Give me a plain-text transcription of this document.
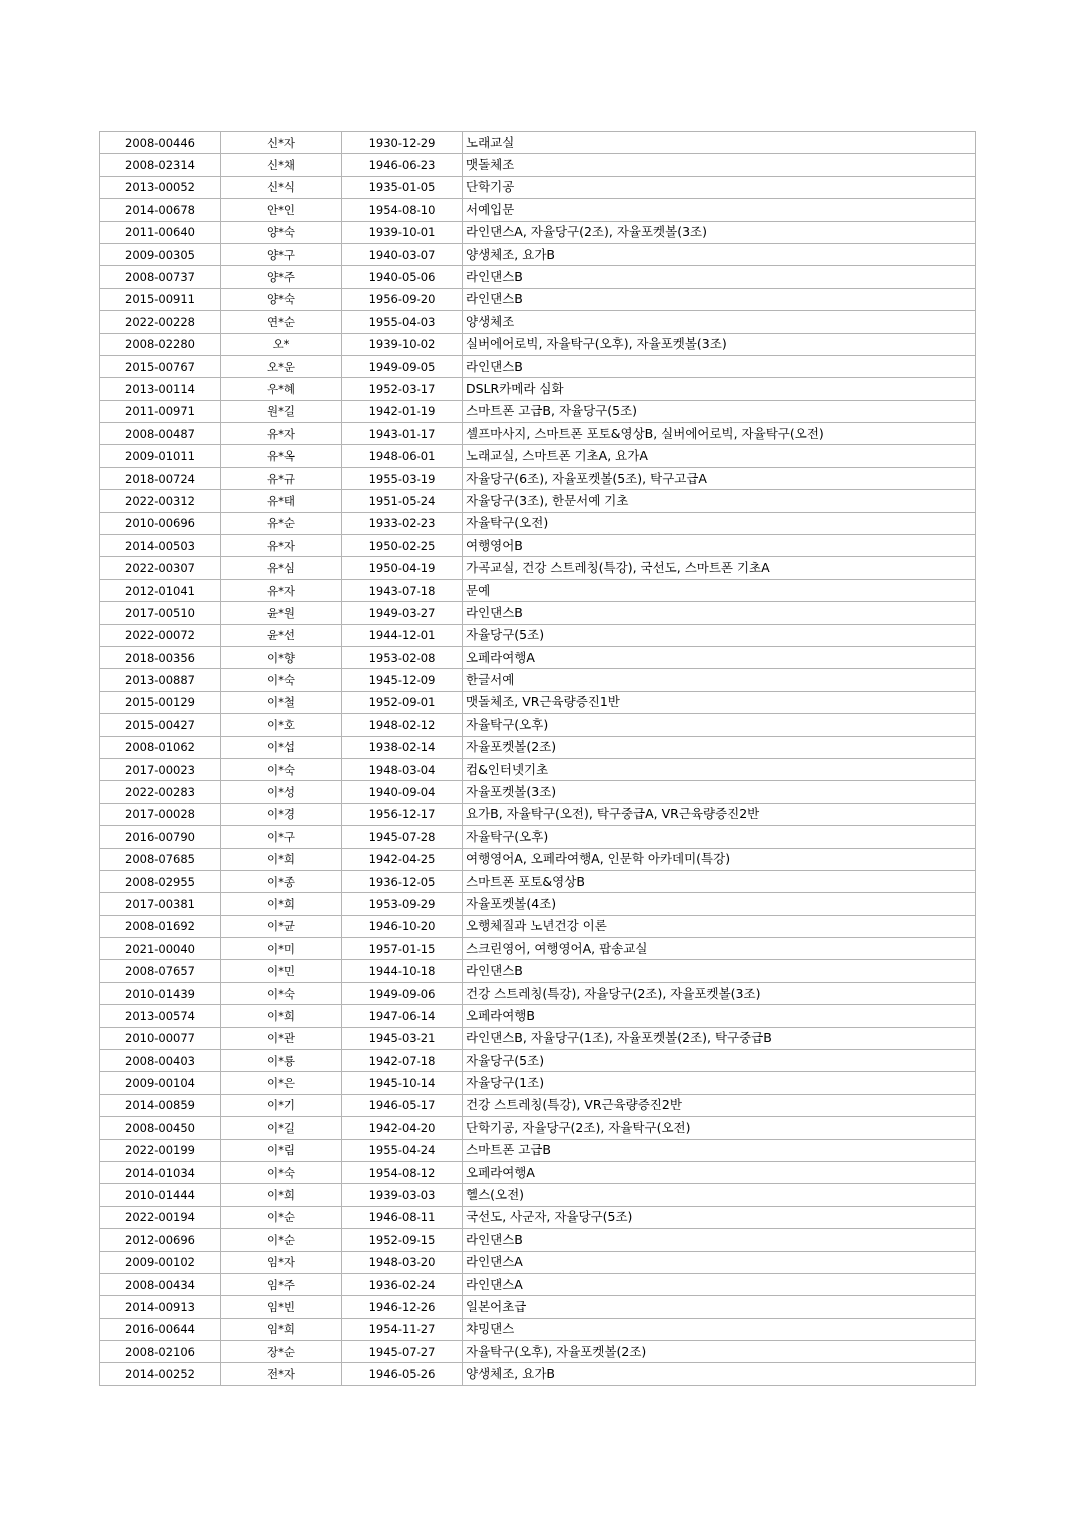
2008-00446	신*자	1930-12-29	노래교실
2008-02314	신*채	1946-06-23	맷돌체조
2013-00052	신*식	1935-01-05	단학기공
2014-00678	안*인	1954-08-10	서예입문
2011-00640	양*숙	1939-10-01	라인댄스A, 자율당구(2조), 자율포켓볼(3조)
2009-00305	양*구	1940-03-07	양생체조, 요가B
2008-00737	양*주	1940-05-06	라인댄스B
2015-00911	양*숙	1956-09-20	라인댄스B
2022-00228	연*순	1955-04-03	양생체조
2008-02280	오*	1939-10-02	실버에어로빅, 자율탁구(오후), 자율포켓볼(3조)
2015-00767	오*운	1949-09-05	라인댄스B
2013-00114	우*혜	1952-03-17	DSLR카메라 심화
2011-00971	원*길	1942-01-19	스마트폰 고급B, 자율당구(5조)
2008-00487	유*자	1943-01-17	셀프마사지, 스마트폰 포토&영상B, 실버에어로빅, 자율탁구(오전)
2009-01011	유*옥	1948-06-01	노래교실, 스마트폰 기초A, 요가A
2018-00724	유*규	1955-03-19	자율당구(6조), 자율포켓볼(5조), 탁구고급A
2022-00312	유*태	1951-05-24	자율당구(3조), 한문서예 기초
2010-00696	유*순	1933-02-23	자율탁구(오전)
2014-00503	유*자	1950-02-25	여행영어B
2022-00307	유*심	1950-04-19	가곡교실, 건강 스트레칭(특강), 국선도, 스마트폰 기초A
2012-01041	유*자	1943-07-18	문예
2017-00510	윤*원	1949-03-27	라인댄스B
2022-00072	윤*선	1944-12-01	자율당구(5조)
2018-00356	이*향	1953-02-08	오페라여행A
2013-00887	이*숙	1945-12-09	한글서예
2015-00129	이*철	1952-09-01	맷돌체조, VR근육량증진1반
2015-00427	이*호	1948-02-12	자율탁구(오후)
2008-01062	이*섭	1938-02-14	자율포켓볼(2조)
2017-00023	이*숙	1948-03-04	컴&인터넷기초
2022-00283	이*성	1940-09-04	자율포켓볼(3조)
2017-00028	이*경	1956-12-17	요가B, 자율탁구(오전), 탁구중급A, VR근육량증진2반
2016-00790	이*구	1945-07-28	자율탁구(오후)
2008-07685	이*희	1942-04-25	여행영어A, 오페라여행A, 인문학 아카데미(특강)
2008-02955	이*종	1936-12-05	스마트폰 포토&영상B
2017-00381	이*희	1953-09-29	자율포켓볼(4조)
2008-01692	이*균	1946-10-20	오행체질과 노년건강 이론
2021-00040	이*미	1957-01-15	스크린영어, 여행영어A, 팝송교실
2008-07657	이*민	1944-10-18	라인댄스B
2010-01439	이*숙	1949-09-06	건강 스트레칭(특강), 자율당구(2조), 자율포켓볼(3조)
2013-00574	이*희	1947-06-14	오페라여행B
2010-00077	이*관	1945-03-21	라인댄스B, 자율당구(1조), 자율포켓볼(2조), 탁구중급B
2008-00403	이*룡	1942-07-18	자율당구(5조)
2009-00104	이*은	1945-10-14	자율당구(1조)
2014-00859	이*기	1946-05-17	건강 스트레칭(특강), VR근육량증진2반
2008-00450	이*길	1942-04-20	단학기공, 자율당구(2조), 자율탁구(오전)
2022-00199	이*림	1955-04-24	스마트폰 고급B
2014-01034	이*숙	1954-08-12	오페라여행A
2010-01444	이*희	1939-03-03	헬스(오전)
2022-00194	이*순	1946-08-11	국선도, 사군자, 자율당구(5조)
2012-00696	이*순	1952-09-15	라인댄스B
2009-00102	임*자	1948-03-20	라인댄스A
2008-00434	임*주	1936-02-24	라인댄스A
2014-00913	임*빈	1946-12-26	일본어초급
2016-00644	임*희	1954-11-27	챠밍댄스
2008-02106	장*순	1945-07-27	자율탁구(오후), 자율포켓볼(2조)
2014-00252	전*자	1946-05-26	양생체조, 요가B
